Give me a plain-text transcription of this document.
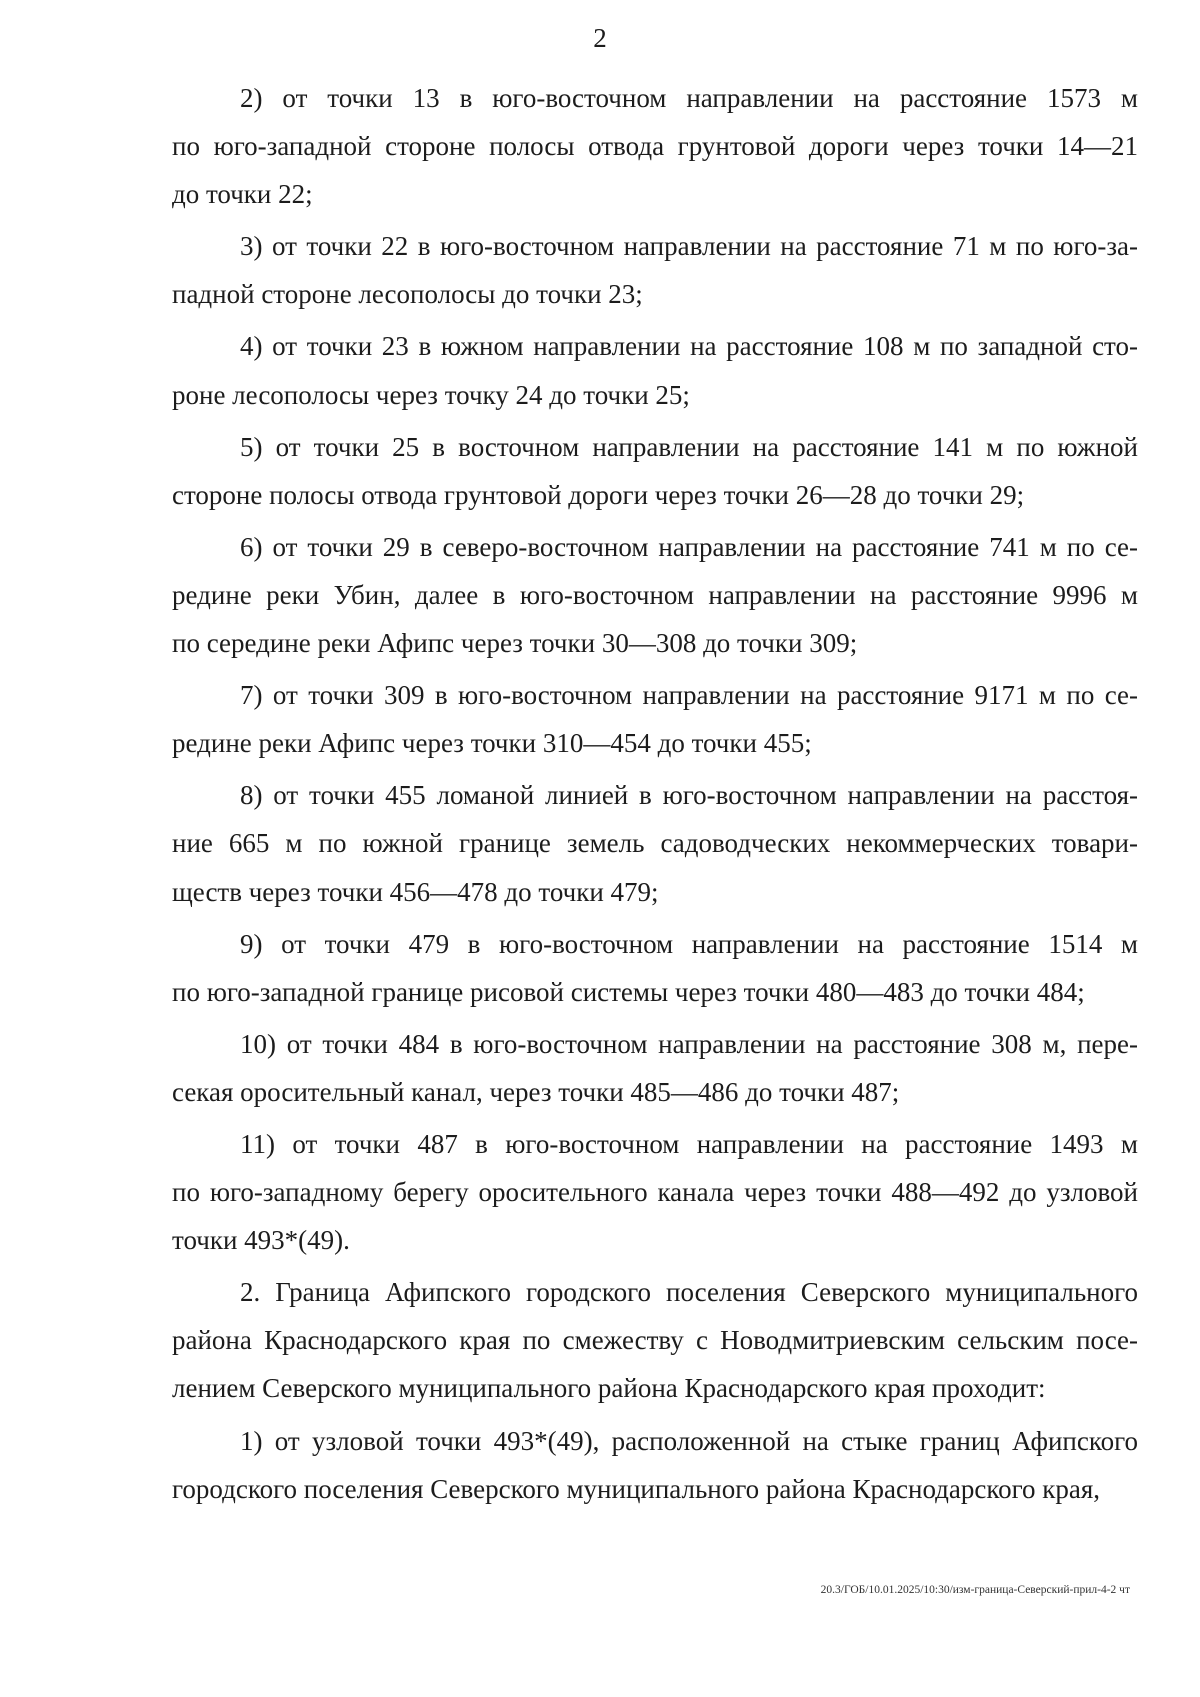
2
2) от точки 13 в юго-восточном направлении на расстояние 1573 м
по юго-западной стороне полосы отвода грунтовой дороги через точки 14—21
до точки 22;
3) от точки 22 в юго-восточном направлении на расстояние 71 м по юго-за-
падной стороне лесополосы до точки 23;
4) от точки 23 в южном направлении на расстояние 108 м по западной сто-
роне лесополосы через точку 24 до точки 25;
5) от точки 25 в восточном направлении на расстояние 141 м по южной
стороне полосы отвода грунтовой дороги через точки 26—28 до точки 29;
6) от точки 29 в северо-восточном направлении на расстояние 741 м по се-
редине реки Убин, далее в юго-восточном направлении на расстояние 9996 м
по середине реки Афипс через точки 30—308 до точки 309;
7) от точки 309 в юго-восточном направлении на расстояние 9171 м по се-
редине реки Афипс через точки 310—454 до точки 455;
8) от точки 455 ломаной линией в юго-восточном направлении на расстоя-
ние 665 м по южной границе земель садоводческих некоммерческих товари-
ществ через точки 456—478 до точки 479;
9) от точки 479 в юго-восточном направлении на расстояние 1514 м
по юго-западной границе рисовой системы через точки 480—483 до точки 484;
10) от точки 484 в юго-восточном направлении на расстояние 308 м, пере-
секая оросительный канал, через точки 485—486 до точки 487;
11) от точки 487 в юго-восточном направлении на расстояние 1493 м
по юго-западному берегу оросительного канала через точки 488—492 до узловой
точки 493*(49).
2. Граница Афипского городского поселения Северского муниципального
района Краснодарского края по смежеству с Новодмитриевским сельским посе-
лением Северского муниципального района Краснодарского края проходит:
1) от узловой точки 493*(49), расположенной на стыке границ Афипского
городского поселения Северского муниципального района Краснодарского края,
20.3/ГОБ/10.01.2025/10:30/изм-граница-Северский-прил-4-2 чт
